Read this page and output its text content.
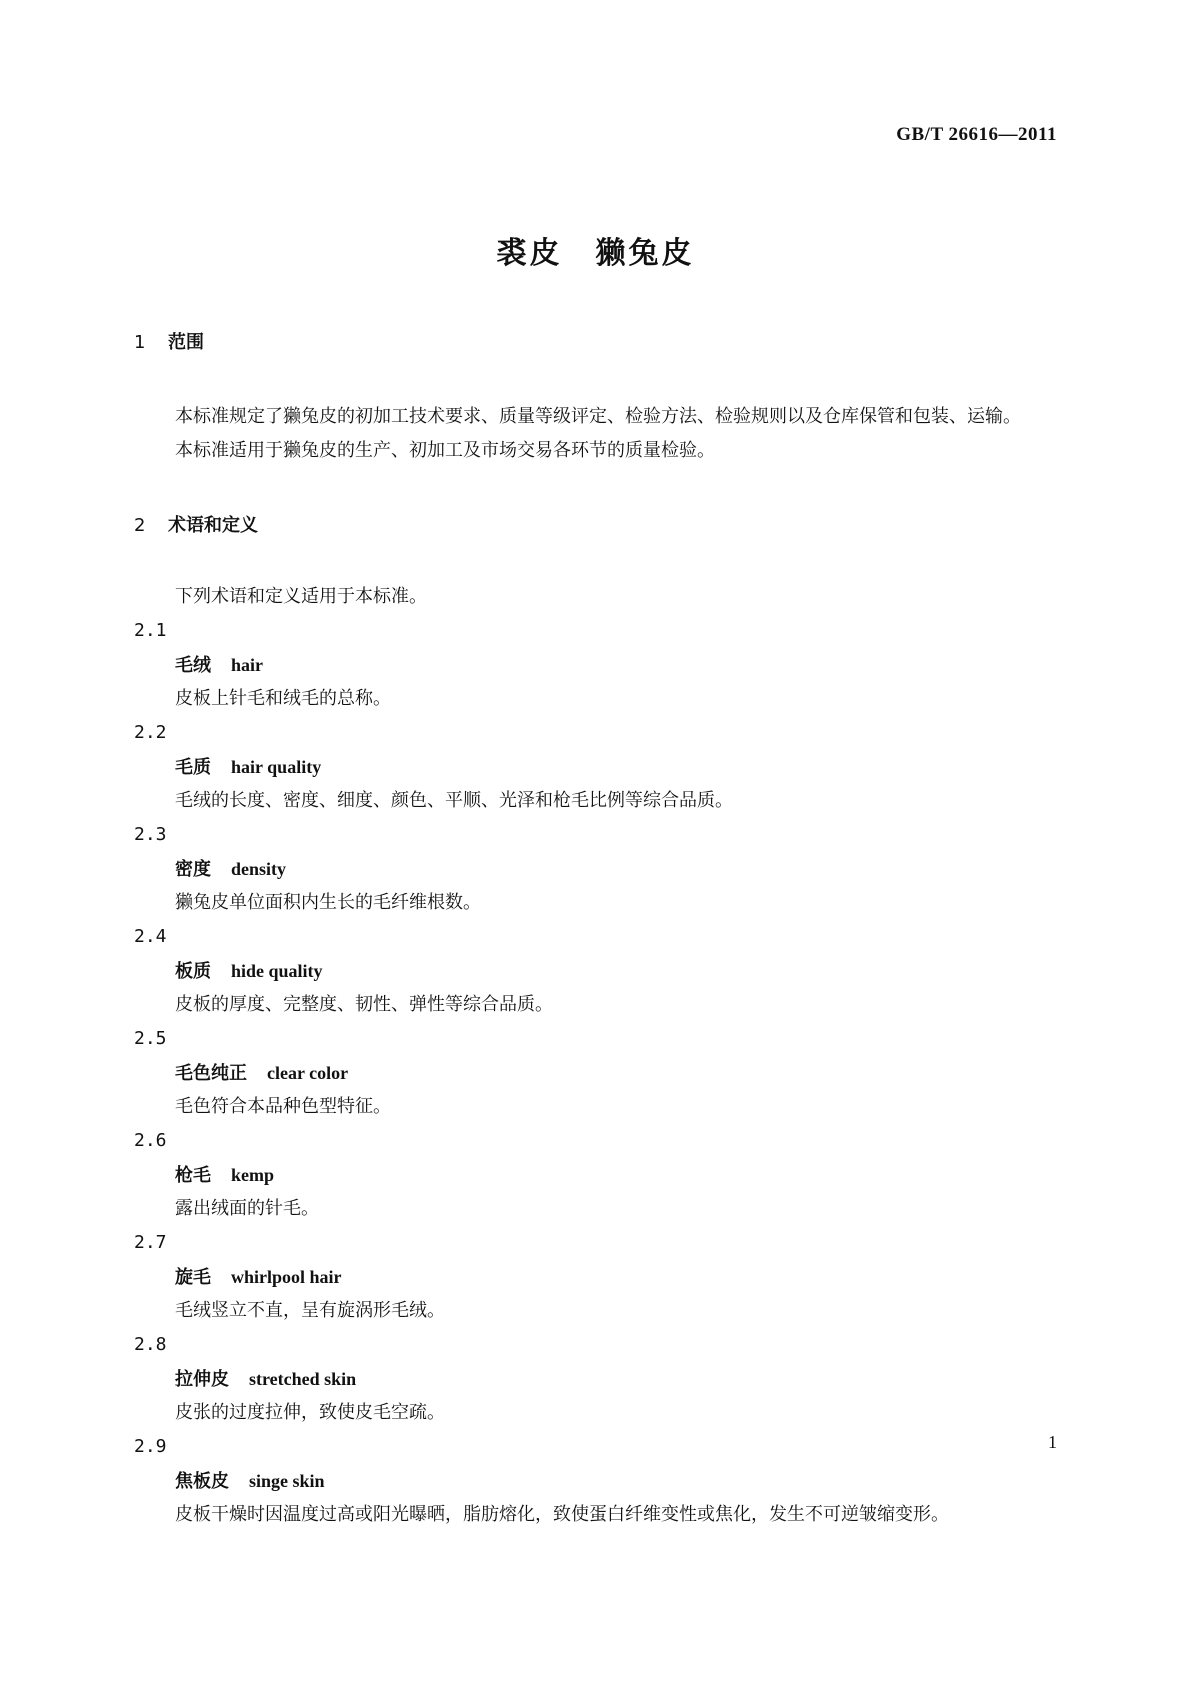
GB/T 26616—2011
裘皮　獭兔皮
1 范围

本标准规定了獭兔皮的初加工技术要求、质量等级评定、检验方法、检验规则以及仓库保管和包装、运输。

本标准适用于獭兔皮的生产、初加工及市场交易各环节的质量检验。

2 术语和定义

下列术语和定义适用于本标准。

2.1
毛绒 hair
皮板上针毛和绒毛的总称。
2.2
毛质 hair quality
毛绒的长度、密度、细度、颜色、平顺、光泽和枪毛比例等综合品质。
2.3
密度 density
獭兔皮单位面积内生长的毛纤维根数。
2.4
板质 hide quality
皮板的厚度、完整度、韧性、弹性等综合品质。
2.5
毛色纯正 clear color
毛色符合本品种色型特征。
2.6
枪毛 kemp
露出绒面的针毛。
2.7
旋毛 whirlpool hair
毛绒竖立不直，呈有旋涡形毛绒。
2.8
拉伸皮 stretched skin
皮张的过度拉伸，致使皮毛空疏。
2.9
焦板皮 singe skin
皮板干燥时因温度过高或阳光曝晒，脂肪熔化，致使蛋白纤维变性或焦化，发生不可逆皱缩变形。
1
